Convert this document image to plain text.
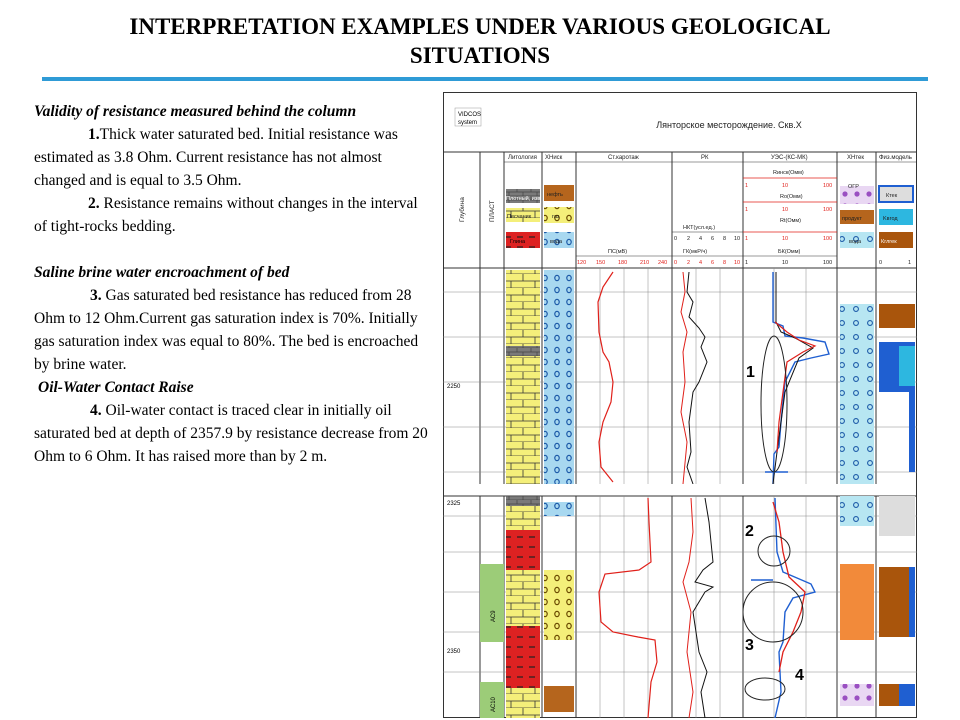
INTERPRETATION EXAMPLES UNDER VARIOUS GEOLOGICAL
SITUATIONS

Validity of resistance measured behind the column

1.Thick water saturated bed. Initial resistance was estimated as 3.8 Ohm. Current resistance has not almost changed and is equal to 3.5 Ohm.

2. Resistance remains without changes in the interval of tight-rocks bedding.

Saline brine water encroachment of bed

3. Gas saturated bed resistance has reduced from 28 Ohm to 12 Ohm.Current gas saturation index is 70%. Initially gas saturation index was equal to 80%. The bed is encroached by brine water.

Oil-Water Contact Raise

4. Oil-water contact is traced clear in initially oil saturated bed at depth of 2357.9 by resistance decrease from 20 Ohm to 6 Ohm. It has raised more than by 2 m.

VIDCOS
system	Лянторское месторождение. Скв.Х
Глубина	ПЛАСТ
Литология ХНиск	Ст.каротаж	РК	УЭС-(КС-МК)	ХНтек	Физ.модель
Плотный, изв
Песчаник
Глина
нефть
газ
вода
ПС(мВ)
120 150 180 210 240
НКТ(усл.ед.)
0 2 4 6 8 10
ГК(мкР/ч)
0 2 4 6 8 10
Rинск(Омм)
1	10	100
Ro(Омм)
1	10	100
Rt(Омм)
1	10	100
БК(Омм)
1	10	100
ОГР
продукт
вода
Ктек
Kвгод
Кглгек
0	1
2250
1
2325
2350
АС9
АС10
2
3
4
